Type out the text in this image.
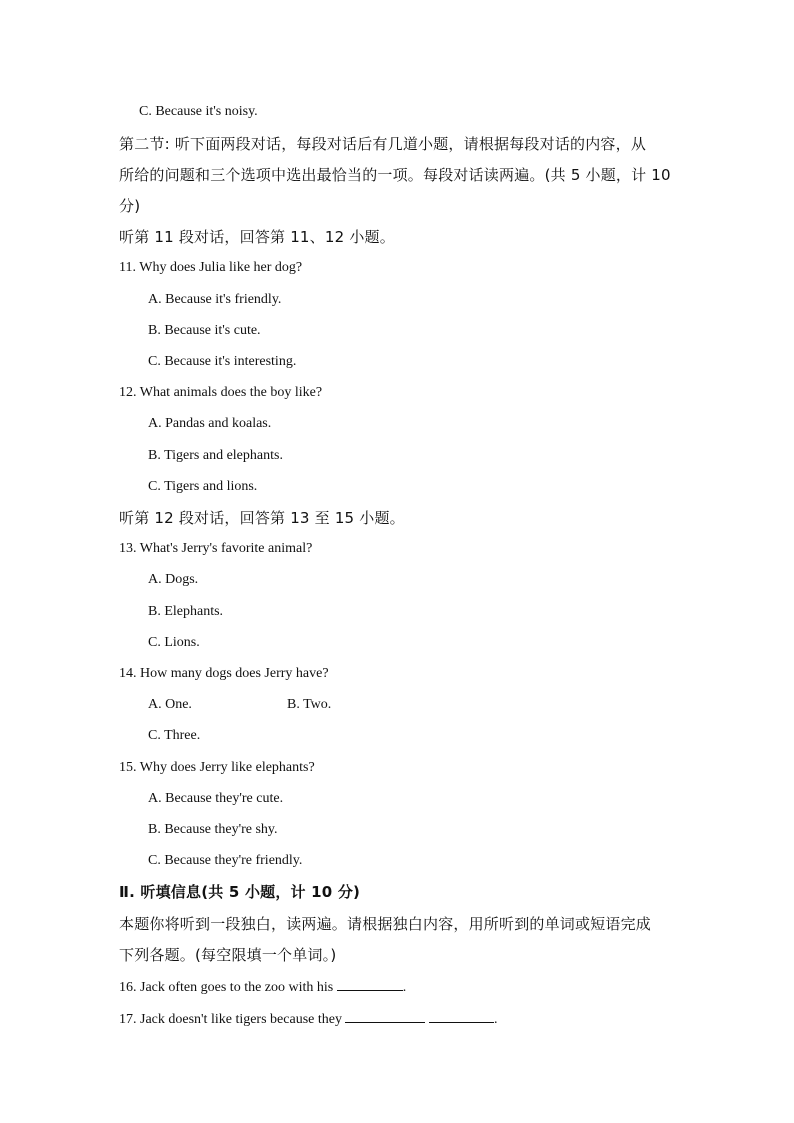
C. Because it's noisy.
第二节: 听下面两段对话，每段对话后有几道小题，请根据每段对话的内容，从
所给的问题和三个选项中选出最恰当的一项。每段对话读两遍。(共 5 小题，计 10
分)
听第 11 段对话，回答第 11、12 小题。
11. Why does Julia like her dog?
A. Because it's friendly.
B. Because it's cute.
C. Because it's interesting.
12. What animals does the boy like?
A. Pandas and koalas.
B. Tigers and elephants.
C. Tigers and lions.
听第 12 段对话，回答第 13 至 15 小题。
13. What's Jerry's favorite animal?
A. Dogs.
B. Elephants.
C. Lions.
14. How many dogs does Jerry have?
A. One.	B. Two.
C. Three.
15. Why does Jerry like elephants?
A. Because they're cute.
B. Because they're shy.
C. Because they're friendly.
Ⅱ. 听填信息(共 5 小题，计 10 分)
本题你将听到一段独白，读两遍。请根据独白内容，用所听到的单词或短语完成
下列各题。(每空限填一个单词。)
16. Jack often goes to the zoo with his	.
17. Jack doesn't like tigers because they	.
